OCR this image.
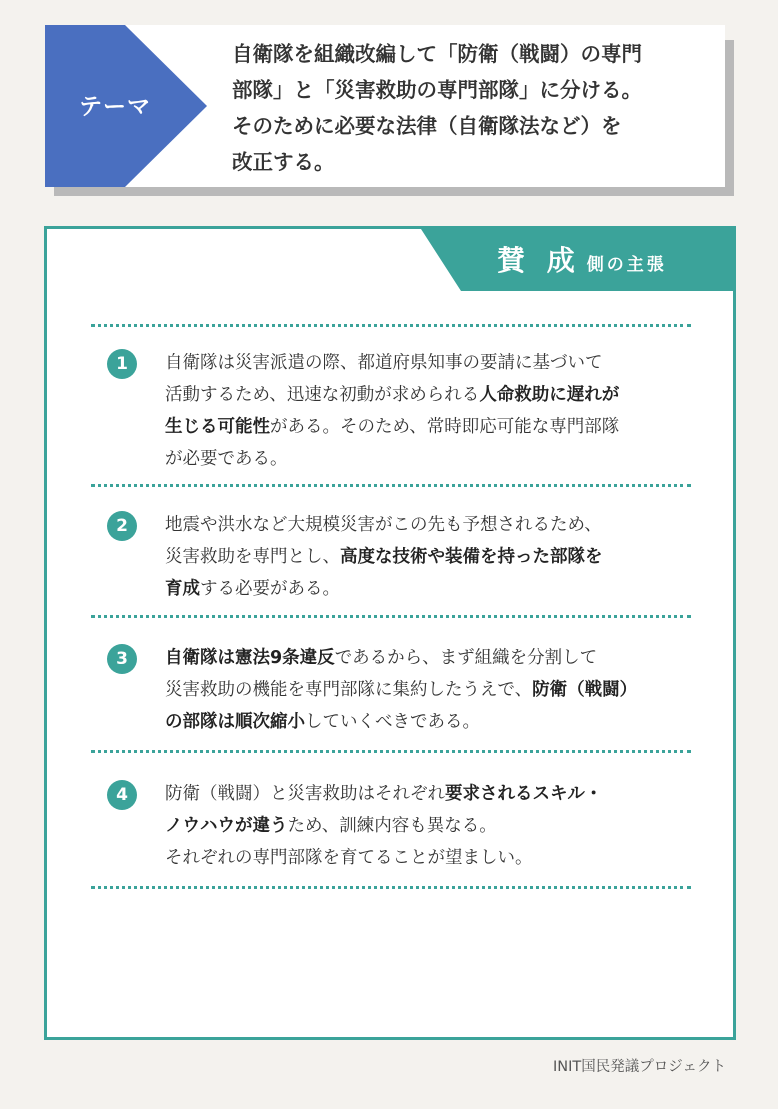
テーマ
自衛隊を組織改編して「防衛（戦闘）の専門
部隊」と「災害救助の専門部隊」に分ける。
そのために必要な法律（自衛隊法など）を
改正する。
賛 成 側の主張
1	自衛隊は災害派遣の際、都道府県知事の要請に基づいて
活動するため、迅速な初動が求められる人命救助に遅れが
生じる可能性がある。そのため、常時即応可能な専門部隊
が必要である。
2	地震や洪水など大規模災害がこの先も予想されるため、
災害救助を専門とし、高度な技術や装備を持った部隊を
育成する必要がある。
3	自衛隊は憲法9条違反であるから、まず組織を分割して
災害救助の機能を専門部隊に集約したうえで、防衛（戦闘）
の部隊は順次縮小していくべきである。
4	防衛（戦闘）と災害救助はそれぞれ要求されるスキル・
ノウハウが違うため、訓練内容も異なる。
それぞれの専門部隊を育てることが望ましい。
INIT国民発議プロジェクト
